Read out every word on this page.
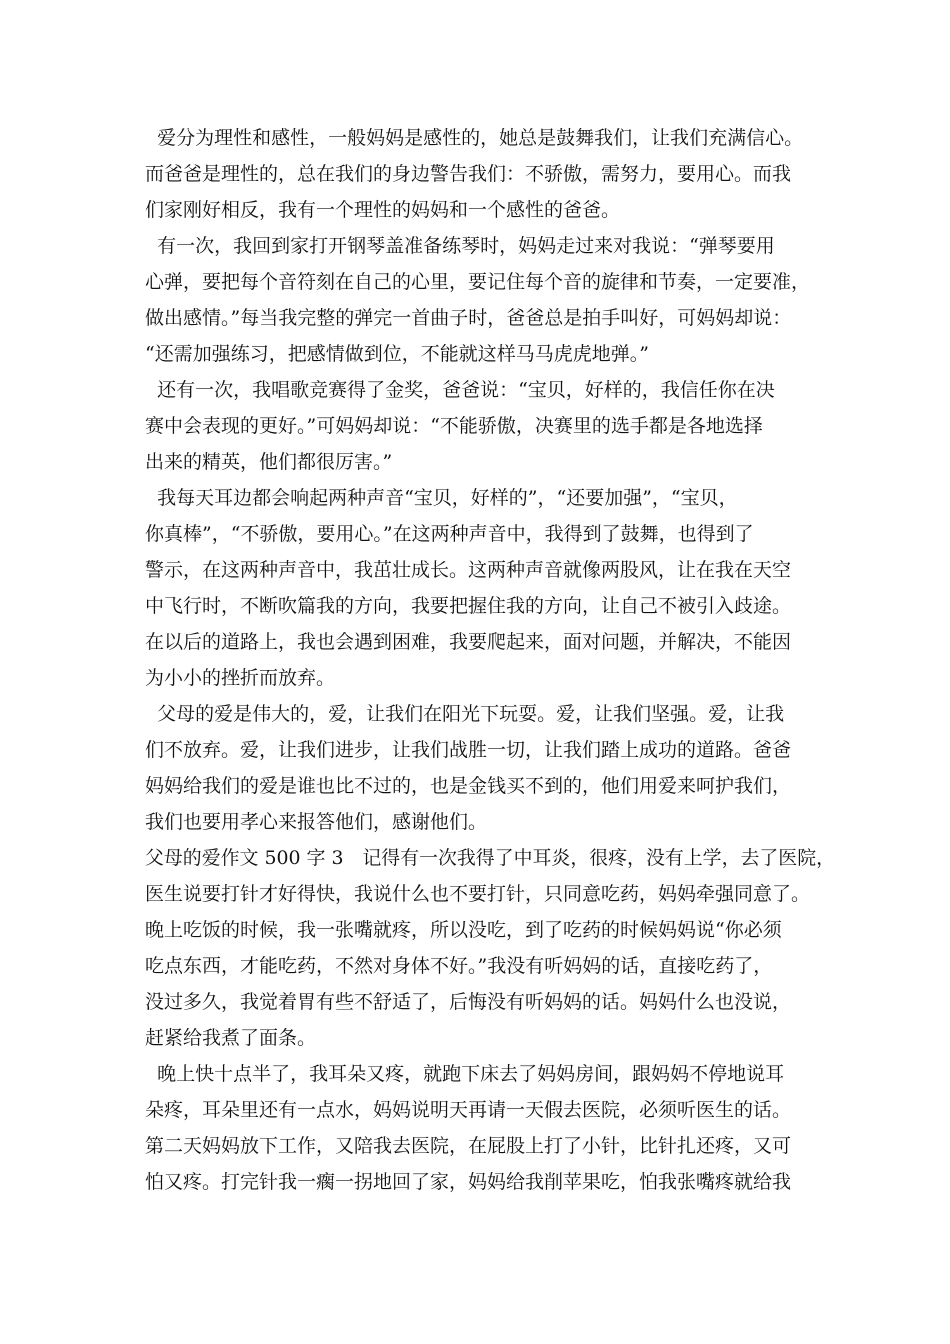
爱分为理性和感性，一般妈妈是感性的，她总是鼓舞我们，让我们充满信心。
而爸爸是理性的，总在我们的身边警告我们：不骄傲，需努力，要用心。而我
们家刚好相反，我有一个理性的妈妈和一个感性的爸爸。
有一次，我回到家打开钢琴盖准备练琴时，妈妈走过来对我说：“弹琴要用
心弹，要把每个音符刻在自己的心里，要记住每个音的旋律和节奏，一定要准，
做出感情。”每当我完整的弹完一首曲子时，爸爸总是拍手叫好，可妈妈却说：
“还需加强练习，把感情做到位，不能就这样马马虎虎地弹。”
还有一次，我唱歌竞赛得了金奖，爸爸说：“宝贝，好样的，我信任你在决
赛中会表现的更好。”可妈妈却说：“不能骄傲，决赛里的选手都是各地选择
出来的精英，他们都很厉害。”
我每天耳边都会响起两种声音“宝贝，好样的”，“还要加强”，“宝贝，
你真棒”，“不骄傲，要用心。”在这两种声音中，我得到了鼓舞，也得到了
警示，在这两种声音中，我茁壮成长。这两种声音就像两股风，让在我在天空
中飞行时，不断吹篇我的方向，我要把握住我的方向，让自己不被引入歧途。
在以后的道路上，我也会遇到困难，我要爬起来，面对问题，并解决，不能因
为小小的挫折而放弃。
父母的爱是伟大的，爱，让我们在阳光下玩耍。爱，让我们坚强。爱，让我
们不放弃。爱，让我们进步，让我们战胜一切，让我们踏上成功的道路。爸爸
妈妈给我们的爱是谁也比不过的，也是金钱买不到的，他们用爱来呵护我们，
我们也要用孝心来报答他们，感谢他们。
父母的爱作文 500 字 3　记得有一次我得了中耳炎，很疼，没有上学，去了医院，
医生说要打针才好得快，我说什么也不要打针，只同意吃药，妈妈牵强同意了。
晚上吃饭的时候，我一张嘴就疼，所以没吃，到了吃药的时候妈妈说“你必须
吃点东西，才能吃药，不然对身体不好。”我没有听妈妈的话，直接吃药了，
没过多久，我觉着胃有些不舒适了，后悔没有听妈妈的话。妈妈什么也没说，
赶紧给我煮了面条。
晚上快十点半了，我耳朵又疼，就跑下床去了妈妈房间，跟妈妈不停地说耳
朵疼，耳朵里还有一点水，妈妈说明天再请一天假去医院，必须听医生的话。
第二天妈妈放下工作，又陪我去医院，在屁股上打了小针，比针扎还疼，又可
怕又疼。打完针我一瘸一拐地回了家，妈妈给我削苹果吃，怕我张嘴疼就给我
